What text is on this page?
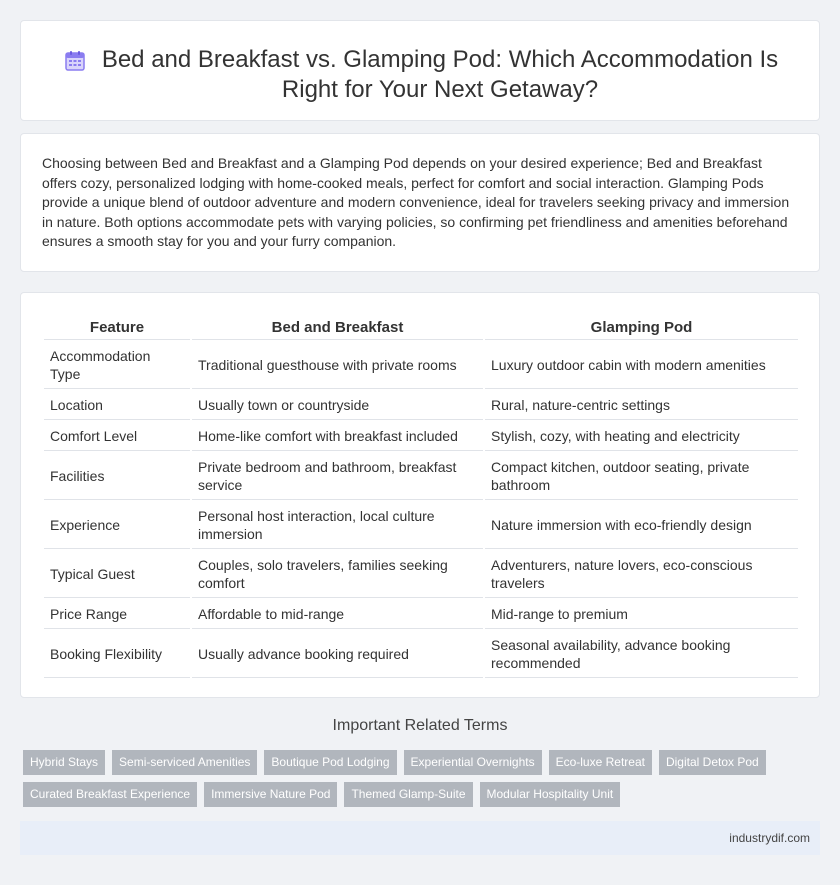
Bed and Breakfast vs. Glamping Pod: Which Accommodation Is Right for Your Next Getaway?

Choosing between Bed and Breakfast and a Glamping Pod depends on your desired experience; Bed and Breakfast offers cozy, personalized lodging with home-cooked meals, perfect for comfort and social interaction. Glamping Pods provide a unique blend of outdoor adventure and modern convenience, ideal for travelers seeking privacy and immersion in nature. Both options accommodate pets with varying policies, so confirming pet friendliness and amenities beforehand ensures a smooth stay for you and your furry companion.

Feature	Bed and Breakfast	Glamping Pod
Accommodation Type	Traditional guesthouse with private rooms	Luxury outdoor cabin with modern amenities
Location	Usually town or countryside	Rural, nature-centric settings
Comfort Level	Home-like comfort with breakfast included	Stylish, cozy, with heating and electricity
Facilities	Private bedroom and bathroom, breakfast service	Compact kitchen, outdoor seating, private bathroom
Experience	Personal host interaction, local culture immersion	Nature immersion with eco-friendly design
Typical Guest	Couples, solo travelers, families seeking comfort	Adventurers, nature lovers, eco-conscious travelers
Price Range	Affordable to mid-range	Mid-range to premium
Booking Flexibility	Usually advance booking required	Seasonal availability, advance booking recommended
Important Related Terms
Hybrid Stays	Semi-serviced Amenities	Boutique Pod Lodging	Experiential Overnights	Eco-luxe Retreat	Digital Detox Pod
Curated Breakfast Experience	Immersive Nature Pod	Themed Glamp-Suite	Modular Hospitality Unit
industrydif.com
